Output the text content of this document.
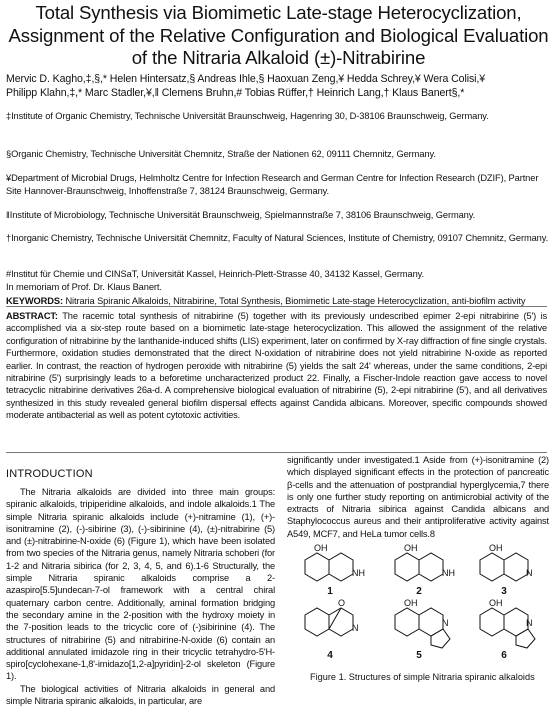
Total Synthesis via Biomimetic Late-stage Heterocyclization, Assignment of the Relative Configuration and Biological Evaluation of the Nitraria Alkaloid (±)-Nitrabirine
Mervic D. Kagho,‡,§,* Helen Hintersatz,§ Andreas Ihle,§ Haoxuan Zeng,¥ Hedda Schrey,¥ Wera Colisi,¥
Philipp Klahn,‡,* Marc Stadler,¥,ǁ Clemens Bruhn,# Tobias Rüffer,† Heinrich Lang,† Klaus Banert§,*
‡Institute of Organic Chemistry, Technische Universität Braunschweig, Hagenring 30, D-38106 Braunschweig, Germany.
§Organic Chemistry, Technische Universität Chemnitz, Straße der Nationen 62, 09111 Chemnitz, Germany.
¥Department of Microbial Drugs, Helmholtz Centre for Infection Research and German Centre for Infection Research (DZIF), Partner Site Hannover-Braunschweig, Inhoffenstraße 7, 38124 Braunschweig, Germany.
ǁInstitute of Microbiology, Technische Universität Braunschweig, Spielmannstraße 7, 38106 Braunschweig, Germany.
†Inorganic Chemistry, Technische Universität Chemnitz, Faculty of Natural Sciences, Institute of Chemistry, 09107 Chemnitz, Germany.
#Institut für Chemie und CINSaT, Universität Kassel, Heinrich-Plett-Strasse 40, 34132 Kassel, Germany.
In memoriam of Prof. Dr. Klaus Banert.
KEYWORDS: Nitraria Spiranic Alkaloids, Nitrabirine, Total Synthesis, Biomimetic Late-stage Heterocyclization, anti-biofilm activity
ABSTRACT: The racemic total synthesis of nitrabirine (5) together with its previously undescribed epimer 2-epi nitrabirine (5') is accomplished via a six-step route based on a biomimetic late-stage heterocyclization. This allowed the assignment of the relative configuration of nitrabirine by the lanthanide-induced shifts (LIS) experiment, later on confirmed by X-ray diffraction of fine single crystals. Furthermore, oxidation studies demonstrated that the direct N-oxidation of nitrabirine does not yield nitrabirine N-oxide as reported earlier. In contrast, the reaction of hydrogen peroxide with nitrabirine (5) yields the salt 24' whereas, under the same conditions, 2-epi nitrabirine (5') surprisingly leads to a beforetime uncharacterized product 22. Finally, a Fischer-Indole reaction gave access to novel tetracyclic nitrabirine derivatives 26a-d. A comprehensive biological evaluation of nitrabirine (5), 2-epi nitrabirine (5'), and all derivatives synthesized in this study revealed general biofilm dispersal effects against Candida albicans. Moreover, specific compounds showed moderate antibacterial as well as potent cytotoxic activities.
INTRODUCTION

The Nitraria alkaloids are divided into three main groups: spiranic alkaloids, tripiperidine alkaloids, and indole alkaloids.1 The simple Nitraria spiranic alkaloids include (+)-nitramine (1), (+)-isonitramine (2), (-)-sibirine (3), (-)-sibirinine (4), (±)-nitrabirine (5) and (±)-nitrabirine-N-oxide (6) (Figure 1), which have been isolated from two species of the Nitraria genus, namely Nitraria schoberi (for 1-2 and Nitraria sibirica (for 2, 3, 4, 5, and 6).1-6 Structurally, the simple Nitraria spiranic alkaloids comprise a 2-azaspiro[5.5]undecan-7-ol framework with a central chiral quaternary carbon centre. Additionally, aminal formation bridging the secondary amine in the 2-position with the hydroxy moiety in the 7-position leads to the tricyclic core of (-)sibirinine (4). The structures of nitrabirine (5) and nitrabirine-N-oxide (6) contain an additional annulated imidazole ring in their tricyclic tetrahydro-5'H-spiro[cyclohexane-1,8'-imidazo[1,2-a]pyridin]-2-ol skeleton (Figure 1).

The biological activities of Nitraria alkaloids in general and simple Nitraria spiranic alkaloids, in particular, are

significantly under investigated.1 Aside from (+)-isonitramine (2) which displayed significant effects in the protection of pancreatic β-cells and the attenuation of postprandial hyperglycemia,7 there is only one further study reporting on antimicrobial activity of the extracts of Nitraria sibirica against Candida albicans and Staphylococcus aureus and their antiproliferative activity against A549, MCF7, and HeLa tumor cells.8

OH
NH
OH
NH
OH
N
O
N
OH
N
OH
N
1	2	3
4	5	6
Figure 1. Structures of simple Nitraria spiranic alkaloids
